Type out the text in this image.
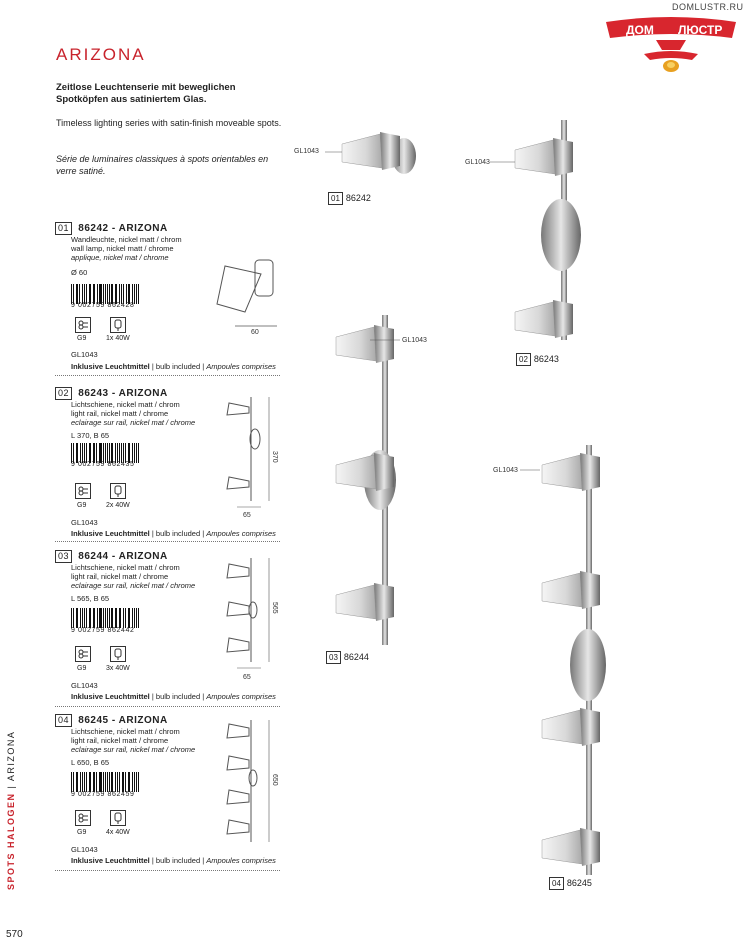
ARIZONA
Zeitlose Leuchtenserie mit beweglichen Spotköpfen aus satiniertem Glas.
Timeless lighting series with satin-finish moveable spots.
Série de luminaires classiques à spots orientables en verre satiné.
DOMLUSTR.RU
ДОМ ЛЮСТР
01 86242 - ARIZONA
Wandleuchte, nickel matt / chrom
wall lamp, nickel matt / chrome
applique, nickel mat / chrome
Ø 60
9 002759 862428
G9	1x 40W
GL1043
Inklusive Leuchtmittel | bulb included | Ampoules comprises
60
02 86243 - ARIZONA
Lichtschiene, nickel matt / chrom
light rail, nickel matt / chrome
eclairage sur rail, nickel mat / chrome
L 370, B 65
9 002759 862435
G9	2x 40W
GL1043
Inklusive Leuchtmittel | bulb included | Ampoules comprises
370
65
03 86244 - ARIZONA
Lichtschiene, nickel matt / chrom
light rail, nickel matt / chrome
eclairage sur rail, nickel mat / chrome
L 565, B 65
9 002759 862442
G9	3x 40W
GL1043
Inklusive Leuchtmittel | bulb included | Ampoules comprises
565
65
04 86245 - ARIZONA
Lichtschiene, nickel matt / chrom
light rail, nickel matt / chrome
eclairage sur rail, nickel mat / chrome
L 650, B 65
9 002759 862459
G9	4x 40W
GL1043
Inklusive Leuchtmittel | bulb included | Ampoules comprises
650
SPOTS HALOGEN | ARIZONA
570
GL1043
GL1043
GL1043
GL1043
01 86242
02 86243
03 86244
04 86245
